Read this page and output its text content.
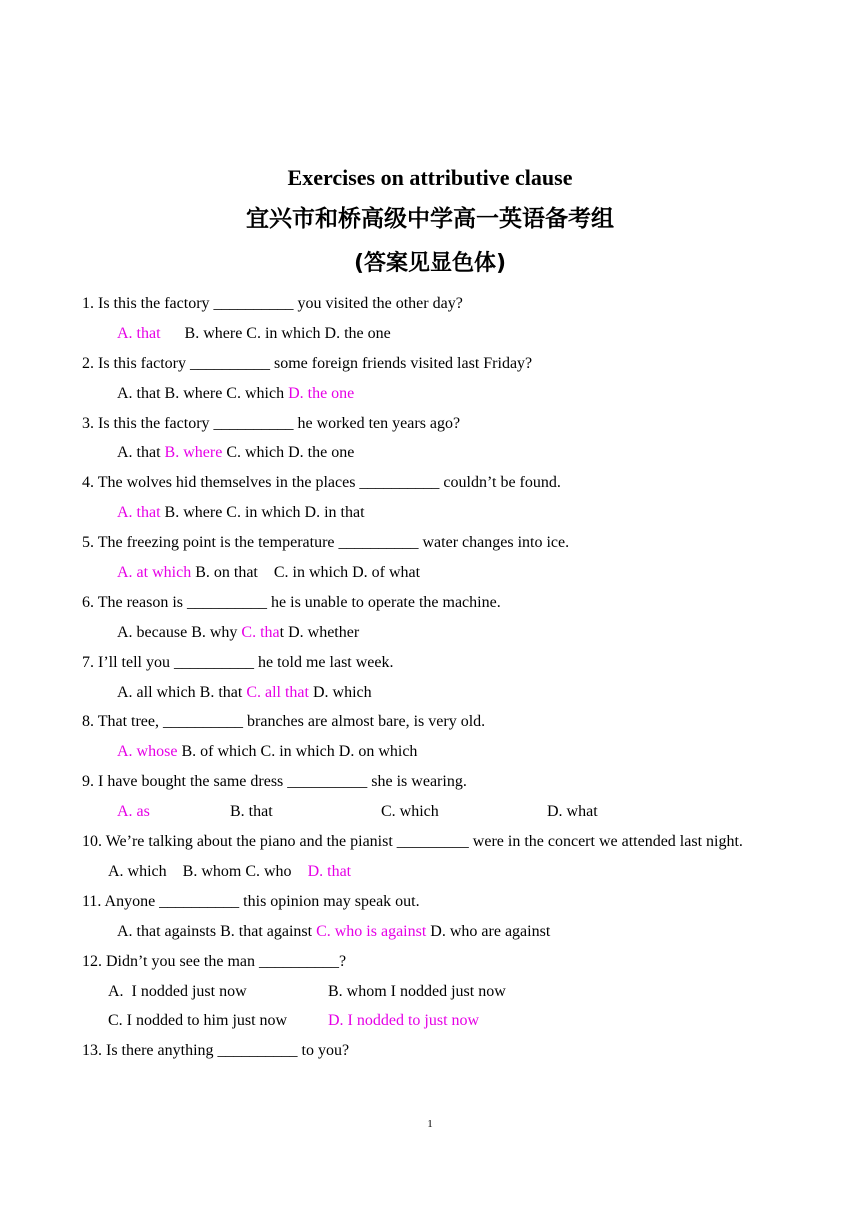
Exercises on attributive clause
宜兴市和桥高级中学高一英语备考组
(答案见显色体)
1. Is this the factory __________ you visited the other day?
A. that      B. where C. in which D. the one
2. Is this factory __________ some foreign friends visited last Friday?
A. that B. where C. which D. the one
3. Is this the factory __________ he worked ten years ago?
A. that B. where C. which D. the one
4. The wolves hid themselves in the places __________ couldn’t be found.
A. that B. where C. in which D. in that
5. The freezing point is the temperature __________ water changes into ice.
A. at which B. on that    C. in which D. of what
6. The reason is __________ he is unable to operate the machine.
A. because B. why C. that D. whether
7. I’ll tell you __________ he told me last week.
A. all which B. that C. all that D. which
8. That tree, __________ branches are almost bare, is very old.
A. whose B. of which C. in which D. on which
9. I have bought the same dress __________ she is wearing.
A. as	B. that	C. which	D. what
10. We’re talking about the piano and the pianist _________ were in the concert we attended last night.
A. which    B. whom C. who    D. that
11. Anyone __________ this opinion may speak out.
A. that againsts B. that against C. who is against D. who are against
12. Didn’t you see the man __________?
A.  I nodded just now	B. whom I nodded just now
C. I nodded to him just now	D. I nodded to just now
13. Is there anything __________ to you?
1
